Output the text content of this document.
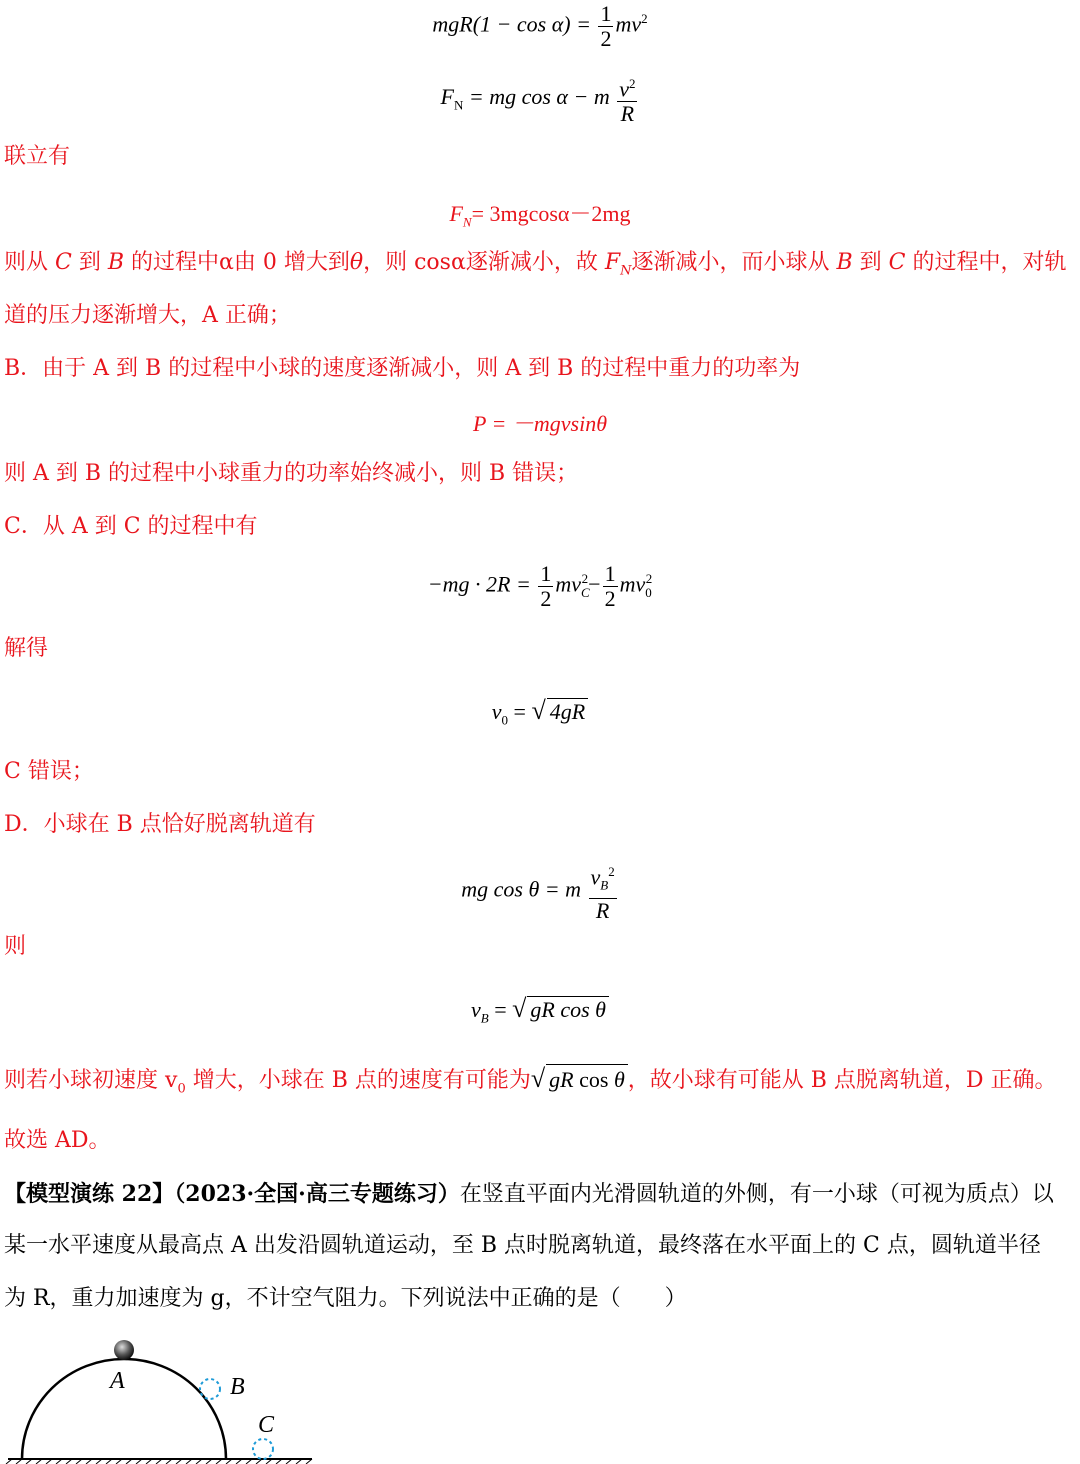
$mgR(1 - \cos \alpha) = \frac{1}{2} mv^2$
$F_N$ = mg cos α − m $\frac{v^2}{R}$
联立有
$F_N= 3mgcos\alpha-2mg$
则从 C 到 B 的过程中α由 0 增大到θ，则 cosα逐渐减小，故 $F_N$逐渐减小，而小球从 B 到 C 的过程中，对轨
道的压力逐渐增大，A 正确；
B．由于 A 到 B 的过程中小球的速度逐渐减小，则 A 到 B 的过程中重力的功率为
P = －mgvsinθ
则 A 到 B 的过程中小球重力的功率始终减小，则 B 错误；
C．从 A 到 C 的过程中有
$-mg \cdot 2R = \frac{1}{2} mv_C^2- \frac{1}{2} mv_0^2$
解得
$v_0$ = √ 4gR
C 错误；
D．小球在 B 点恰好脱离轨道有
mg cos θ = m $\frac{v_B^2}{R}$
则
$v_B$ = √ gR cos θ
则若小球初速度 $v_0$ 增大，小球在 B 点的速度有可能为√ gR cos θ ，故小球有可能从 B 点脱离轨道，D 正确。
故选 AD。
【模型演练 22】（2023·全国·高三专题练习）在竖直平面内光滑圆轨道的外侧，有一小球（可视为质点）以
某一水平速度从最高点 A 出发沿圆轨道运动，至 B 点时脱离轨道，最终落在水平面上的 C 点，圆轨道半径
为 R，重力加速度为 g，不计空气阻力。下列说法中正确的是（　　）
A	B
C
